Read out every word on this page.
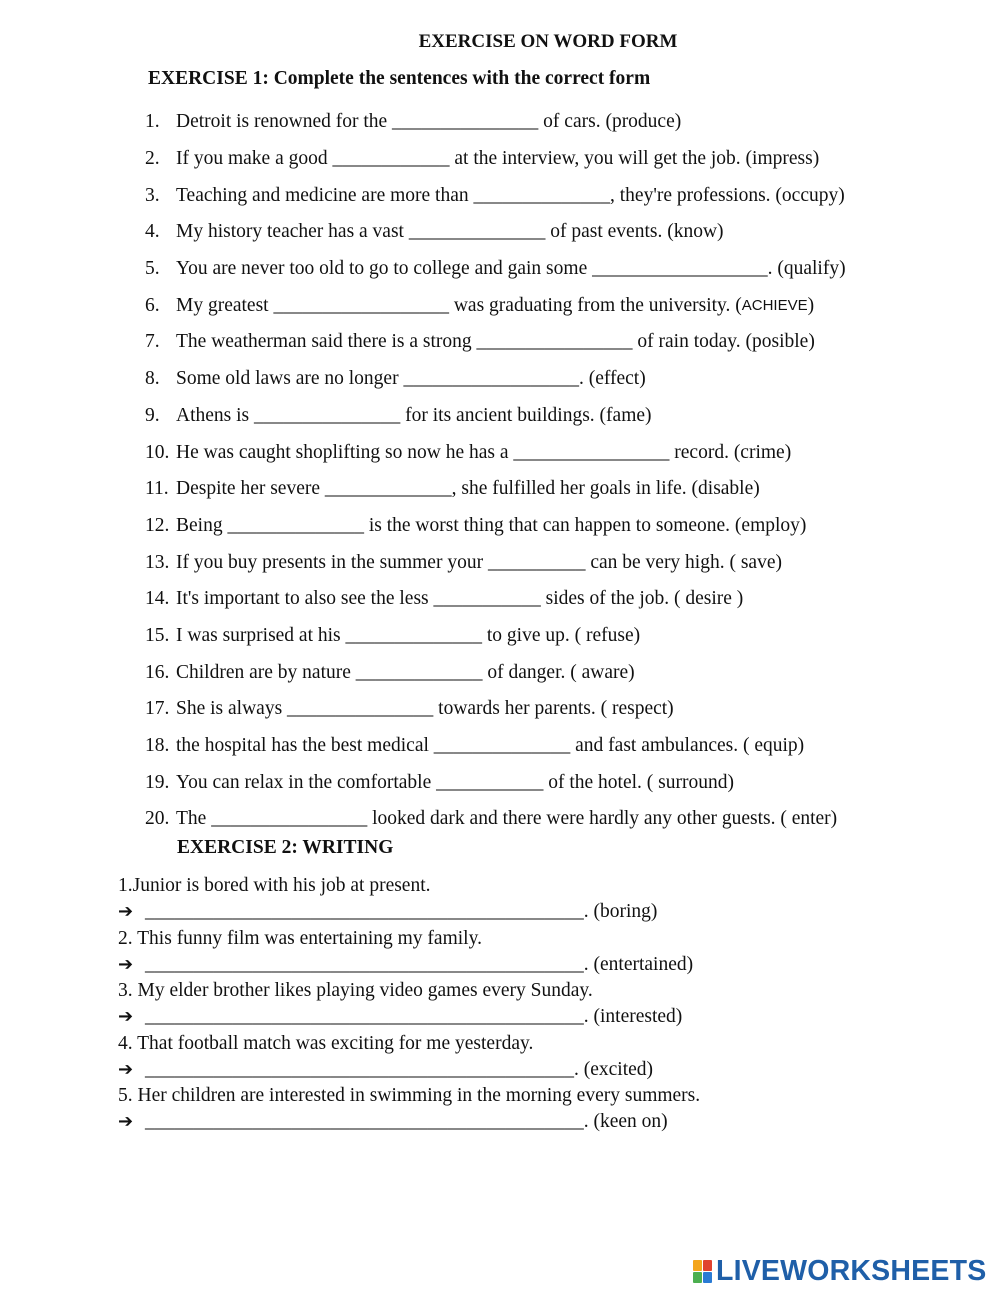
EXERCISE ON WORD FORM
EXERCISE 1: Complete the sentences with the correct form
1. Detroit is renowned for the _______________ of cars. (produce)
2. If you make a good ____________ at the interview, you will get the job. (impress)
3. Teaching and medicine are more than ______________, they're professions. (occupy)
4. My history teacher has a vast ______________ of past events. (know)
5. You are never too old to go to college and gain some __________________. (qualify)
6. My greatest __________________ was graduating from the university. ( ACHIEVE )
7. The weatherman said there is a strong ________________ of rain today. (posible)
8. Some old laws are no longer __________________. (effect)
9. Athens is _______________ for its ancient buildings. (fame)
10. He was caught shoplifting so now he has a ________________ record. (crime)
11. Despite her severe _____________, she fulfilled her goals in life. (disable)
12. Being ______________ is the worst thing that can happen to someone. (employ)
13. If you buy presents in the summer your __________ can be very high. ( save)
14. It's important to also see the less ___________ sides of the job. ( desire )
15. I was surprised at his ______________ to give up. ( refuse)
16. Children are by nature _____________ of danger. ( aware)
17. She is always _______________ towards her parents. ( respect)
18. the hospital has the best medical ______________ and fast ambulances. ( equip)
19. You can relax in the comfortable ___________ of the hotel. ( surround)
20. The ________________ looked dark and there were hardly any other guests. ( enter)
EXERCISE 2: WRITING
1.Junior is bored with his job at present.
➔ _____________________________________________. (boring)
2. This funny film was entertaining my family.
➔ _____________________________________________. (entertained)
3. My elder brother likes playing video games every Sunday.
➔ _____________________________________________. (interested)
4. That football match was exciting for me yesterday.
➔ ____________________________________________. (excited)
5. Her children are interested in swimming in the morning every summers.
➔ _____________________________________________. (keen on)
LIVEWORKSHEETS
